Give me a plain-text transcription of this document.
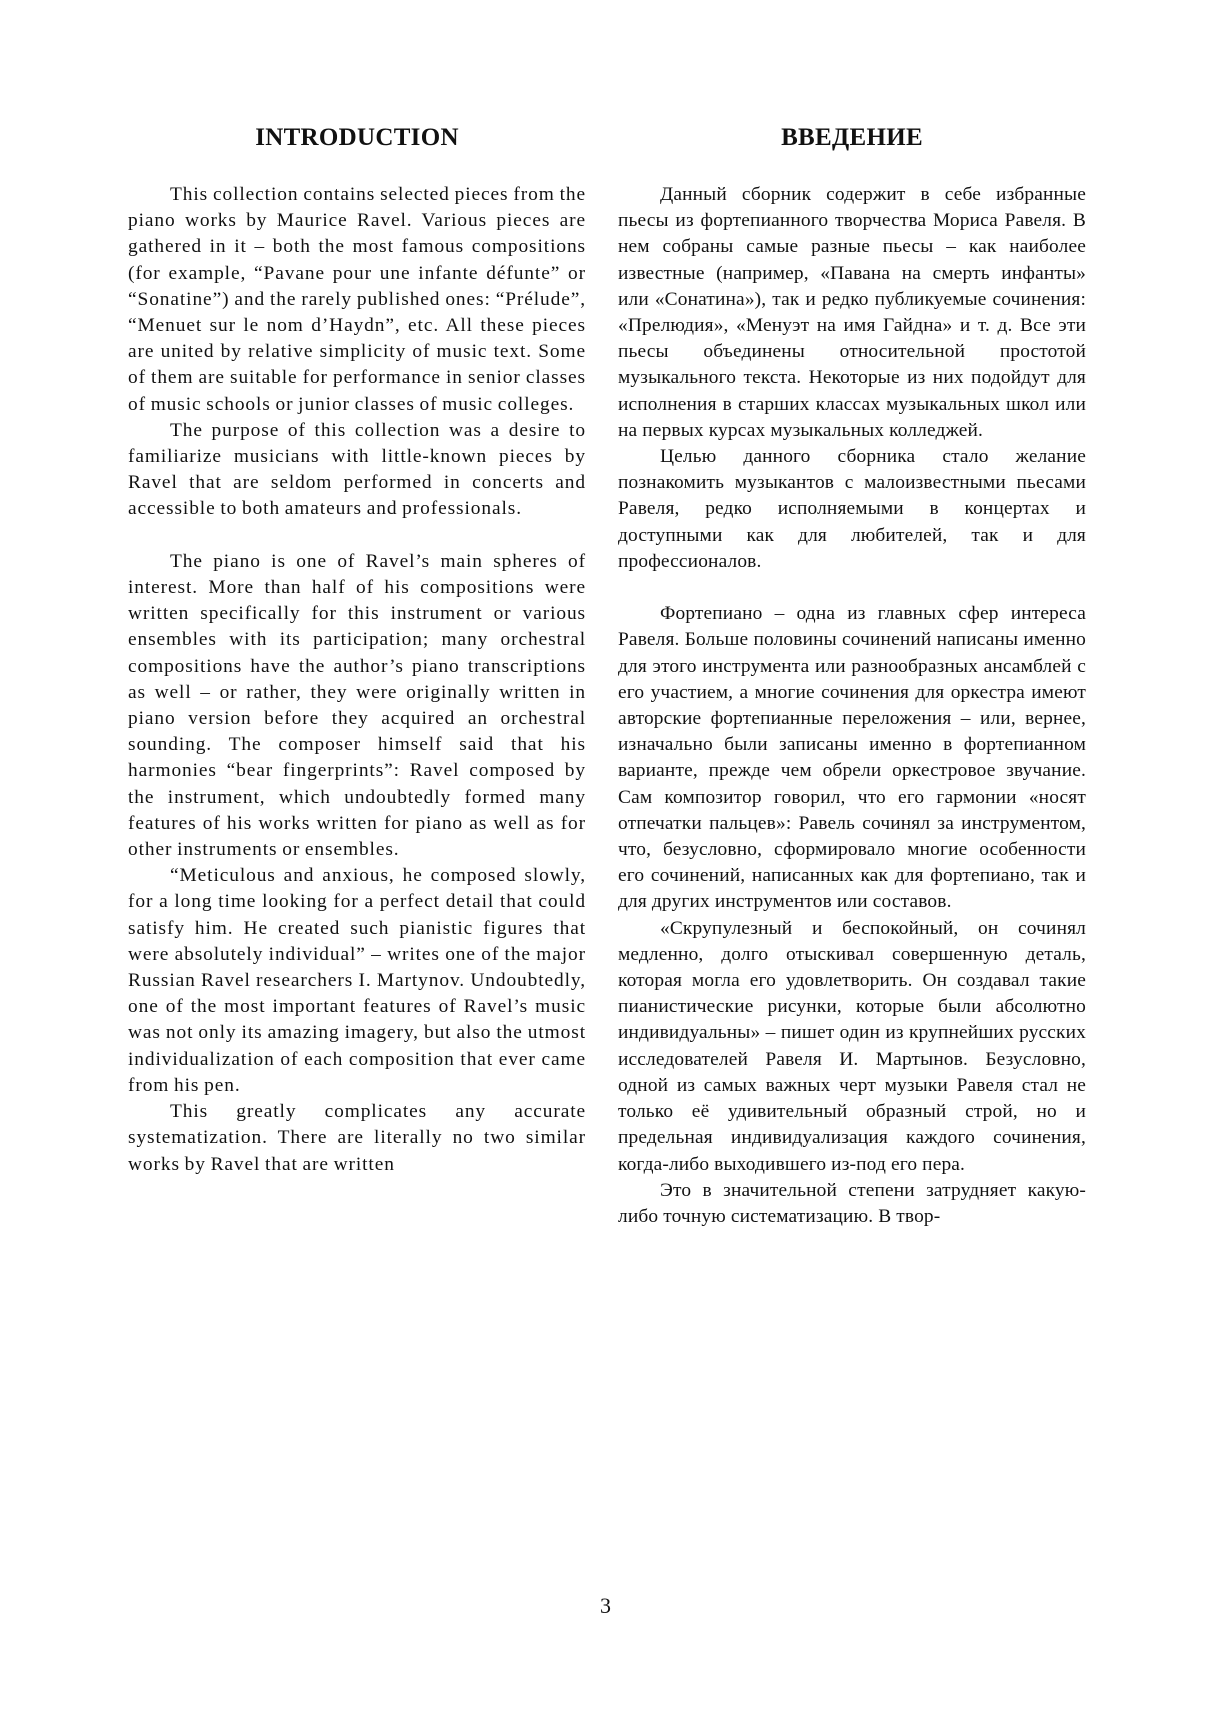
INTRODUCTION

This collection contains selected pieces from the piano works by Maurice Ravel. Various pieces are gathered in it – both the most famous compositions (for example, “Pavane pour une infante défunte” or “Sonatine”) and the rarely published ones: “Prélude”, “Menuet sur le nom d’Haydn”, etc. All these pieces are united by relative simplicity of music text. Some of them are suitable for performance in senior classes of music schools or junior classes of music colleges.

The purpose of this collection was a desire to familiarize musicians with little-known pieces by Ravel that are seldom performed in concerts and accessible to both amateurs and professionals.

The piano is one of Ravel’s main spheres of interest. More than half of his compositions were written specifically for this instrument or various ensembles with its participation; many orchestral compositions have the author’s piano transcriptions as well – or rather, they were originally written in piano version before they acquired an orchestral sounding. The composer himself said that his harmonies “bear fingerprints”: Ravel composed by the instrument, which undoubtedly formed many features of his works written for piano as well as for other instruments or ensembles.

“Meticulous and anxious, he composed slowly, for a long time looking for a perfect detail that could satisfy him. He created such pianistic figures that were absolutely individual” – writes one of the major Russian Ravel researchers I. Martynov. Undoubtedly, one of the most important features of Ravel’s music was not only its amazing imagery, but also the utmost individualization of each composition that ever came from his pen.

This greatly complicates any accurate systematization. There are literally no two similar works by Ravel that are written

ВВЕДЕНИЕ

Данный сборник содержит в себе избранные пьесы из фортепианного творчества Мориса Равеля. В нем собраны самые разные пьесы – как наиболее известные (например, «Павана на смерть инфанты» или «Сонатина»), так и редко публикуемые сочинения: «Прелюдия», «Менуэт на имя Гайдна» и т. д. Все эти пьесы объединены относительной простотой музыкального текста. Некоторые из них подойдут для исполнения в старших классах музыкальных школ или на первых курсах музыкальных колледжей.

Целью данного сборника стало желание познакомить музыкантов с малоизвестными пьесами Равеля, редко исполняемыми в концертах и доступными как для любителей, так и для профессионалов.

Фортепиано – одна из главных сфер интереса Равеля. Больше половины сочинений написаны именно для этого инструмента или разнообразных ансамблей с его участием, а многие сочинения для оркестра имеют авторские фортепианные переложения – или, вернее, изначально были записаны именно в фортепианном варианте, прежде чем обрели оркестровое звучание. Сам композитор говорил, что его гармонии «носят отпечатки пальцев»: Равель сочинял за инструментом, что, безусловно, сформировало многие особенности его сочинений, написанных как для фортепиано, так и для других инструментов или составов.

«Скрупулезный и беспокойный, он сочинял медленно, долго отыскивал совершенную деталь, которая могла его удовлетворить. Он создавал такие пианистические рисунки, которые были абсолютно индивидуальны» – пишет один из крупнейших русских исследователей Равеля И. Мартынов. Безусловно, одной из самых важных черт музыки Равеля стал не только её удивительный образный строй, но и предельная индивидуализация каждого сочинения, когда-либо выходившего из-под его пера.

Это в значительной степени затрудняет какую-либо точную систематизацию. В твор-

3
